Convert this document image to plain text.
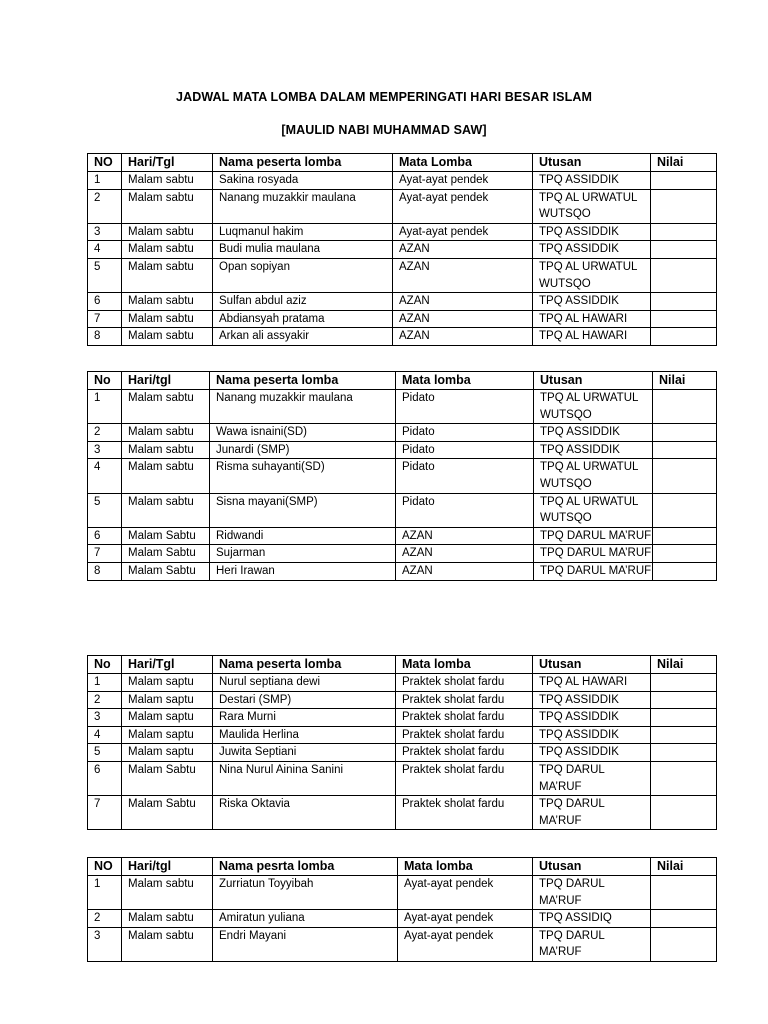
JADWAL MATA LOMBA DALAM MEMPERINGATI HARI BESAR ISLAM
[MAULID NABI MUHAMMAD SAW]
NO	Hari/Tgl	Nama peserta lomba	Mata Lomba	Utusan	Nilai
1	Malam sabtu	Sakina rosyada	Ayat-ayat pendek	TPQ ASSIDDIK	
2	Malam sabtu	Nanang muzakkir maulana	Ayat-ayat pendek	TPQ AL URWATUL WUTSQO	
3	Malam sabtu	Luqmanul hakim	Ayat-ayat pendek	TPQ ASSIDDIK	
4	Malam sabtu	Budi mulia maulana	AZAN	TPQ ASSIDDIK	
5	Malam sabtu	Opan sopiyan	AZAN	TPQ AL URWATUL WUTSQO	
6	Malam sabtu	Sulfan abdul aziz	AZAN	TPQ ASSIDDIK	
7	Malam sabtu	Abdiansyah pratama	AZAN	TPQ AL HAWARI	
8	Malam sabtu	Arkan ali assyakir	AZAN	TPQ AL HAWARI	
No	Hari/tgl	Nama peserta lomba	Mata lomba	Utusan	Nilai
1	Malam sabtu	Nanang muzakkir maulana	Pidato	TPQ AL URWATUL WUTSQO	
2	Malam sabtu	Wawa isnaini(SD)	Pidato	TPQ ASSIDDIK	
3	Malam sabtu	Junardi (SMP)	Pidato	TPQ ASSIDDIK	
4	Malam sabtu	Risma suhayanti(SD)	Pidato	TPQ AL URWATUL WUTSQO	
5	Malam sabtu	Sisna mayani(SMP)	Pidato	TPQ AL URWATUL WUTSQO	
6	Malam Sabtu	Ridwandi	AZAN	TPQ DARUL MA’RUF	
7	Malam Sabtu	Sujarman	AZAN	TPQ DARUL MA’RUF	
8	Malam Sabtu	Heri Irawan	AZAN	TPQ DARUL MA’RUF	
No	Hari/Tgl	Nama peserta lomba	Mata lomba	Utusan	Nilai
1	Malam saptu	Nurul septiana dewi	Praktek sholat fardu	TPQ AL HAWARI	
2	Malam saptu	Destari (SMP)	Praktek sholat fardu	TPQ ASSIDDIK	
3	Malam saptu	Rara Murni	Praktek sholat fardu	TPQ ASSIDDIK	
4	Malam saptu	Maulida Herlina	Praktek sholat fardu	TPQ ASSIDDIK	
5	Malam saptu	Juwita Septiani	Praktek sholat fardu	TPQ ASSIDDIK	
6	Malam Sabtu	Nina Nurul Ainina Sanini	Praktek sholat fardu	TPQ DARUL MA’RUF	
7	Malam Sabtu	Riska Oktavia	Praktek sholat fardu	TPQ DARUL MA’RUF	
NO	Hari/tgl	Nama pesrta lomba	Mata lomba	Utusan	Nilai
1	Malam sabtu	Zurriatun Toyyibah	Ayat-ayat pendek	TPQ DARUL MA’RUF	
2	Malam sabtu	Amiratun yuliana	Ayat-ayat pendek	TPQ ASSIDIQ	
3	Malam sabtu	Endri Mayani	Ayat-ayat pendek	TPQ DARUL MA’RUF	
